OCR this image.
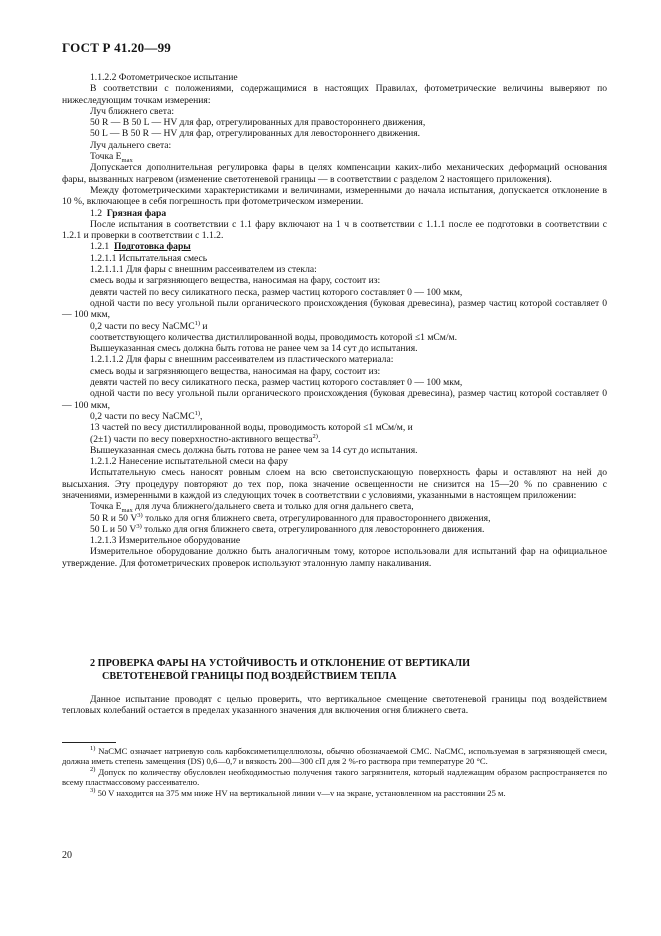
ГОСТ Р 41.20—99

1.1.2.2 Фотометрическое испытание

В соответствии с положениями, содержащимися в настоящих Правилах, фотометрические величины выверяют по нижеследующим точкам измерения:

Луч ближнего света:

50 R — B 50 L — HV для фар, отрегулированных для правостороннего движения,

50 L — B 50 R — HV для фар, отрегулированных для левостороннего движения.

Луч дальнего света:

Точка $E_{max}$

Допускается дополнительная регулировка фары в целях компенсации каких-либо механических деформаций основания фары, вызванных нагревом (изменение светотеневой границы — в соответствии с разделом 2 настоящего приложения).

Между фотометрическими характеристиками и величинами, измеренными до начала испытания, допускается отклонение в 10 %, включающее в себя погрешность при фотометрическом измерении.

1.2 Грязная фара

После испытания в соответствии с 1.1 фару включают на 1 ч в соответствии с 1.1.1 после ее подготовки в соответствии с 1.2.1 и проверки в соответствии с 1.1.2.

1.2.1 Подготовка фары

1.2.1.1 Испытательная смесь

1.2.1.1.1 Для фары с внешним рассеивателем из стекла:

смесь воды и загрязняющего вещества, наносимая на фару, состоит из:

девяти частей по весу силикатного песка, размер частиц которого составляет 0 — 100 мкм,

одной части по весу угольной пыли органического происхождения (буковая древесина), размер частиц которой составляет 0 — 100 мкм,

0,2 части по весу NaCMC$^{1)}$ и

соответствующего количества дистиллированной воды, проводимость которой ≤1 мСм/м.

Вышеуказанная смесь должна быть готова не ранее чем за 14 сут до испытания.

1.2.1.1.2 Для фары с внешним рассеивателем из пластического материала:

смесь воды и загрязняющего вещества, наносимая на фару, состоит из:

девяти частей по весу силикатного песка, размер частиц которого составляет 0 — 100 мкм,

одной части по весу угольной пыли органического происхождения (буковая древесина), размер частиц которой составляет 0 — 100 мкм,

0,2 части по весу NaCMC$^{1)}$,

13 частей по весу дистиллированной воды, проводимость которой ≤1 мСм/м, и

(2±1) части по весу поверхностно-активного вещества$^{2)}$.

Вышеуказанная смесь должна быть готова не ранее чем за 14 сут до испытания.

1.2.1.2 Нанесение испытательной смеси на фару

Испытательную смесь наносят ровным слоем на всю светоиспускающую поверхность фары и оставляют на ней до высыхания. Эту процедуру повторяют до тех пор, пока значение освещенности не снизится на 15—20 % по сравнению с значениями, измеренными в каждой из следующих точек в соответствии с условиями, указанными в настоящем приложении:

Точка $E_{max}$ для луча ближнего/дальнего света и только для огня дальнего света,

50 R и 50 $V^{3)}$ только для огня ближнего света, отрегулированного для правостороннего движения,

50 L и 50 $V^{3)}$ только для огня ближнего света, отрегулированного для левостороннего движения.

1.2.1.3 Измерительное оборудование

Измерительное оборудование должно быть аналогичным тому, которое использовали для испытаний фар на официальное утверждение. Для фотометрических проверок используют эталонную лампу накаливания.

2 ПРОВЕРКА ФАРЫ НА УСТОЙЧИВОСТЬ И ОТКЛОНЕНИЕ ОТ ВЕРТИКАЛИ
СВЕТОТЕНЕВОЙ ГРАНИЦЫ ПОД ВОЗДЕЙСТВИЕМ ТЕПЛА

Данное испытание проводят с целью проверить, что вертикальное смещение светотеневой границы под воздействием тепловых колебаний остается в пределах указанного значения для включения огня ближнего света.

$^{1)}$ NaCMC означает натриевую соль карбоксиметилцеллюлозы, обычно обозначаемой CMC. NaCMC, используемая в загрязняющей смеси, должна иметь степень замещения (DS) 0,6—0,7 и вязкость 200—300 сП для 2 %-го раствора при температуре 20 °C.

$^{2)}$ Допуск по количеству обусловлен необходимостью получения такого загрязнителя, который надлежащим образом распространяется по всему пластмассовому рассеивателю.

$^{3)}$ 50 V находится на 375 мм ниже HV на вертикальной линии v—v на экране, установленном на расстоянии 25 м.

20
